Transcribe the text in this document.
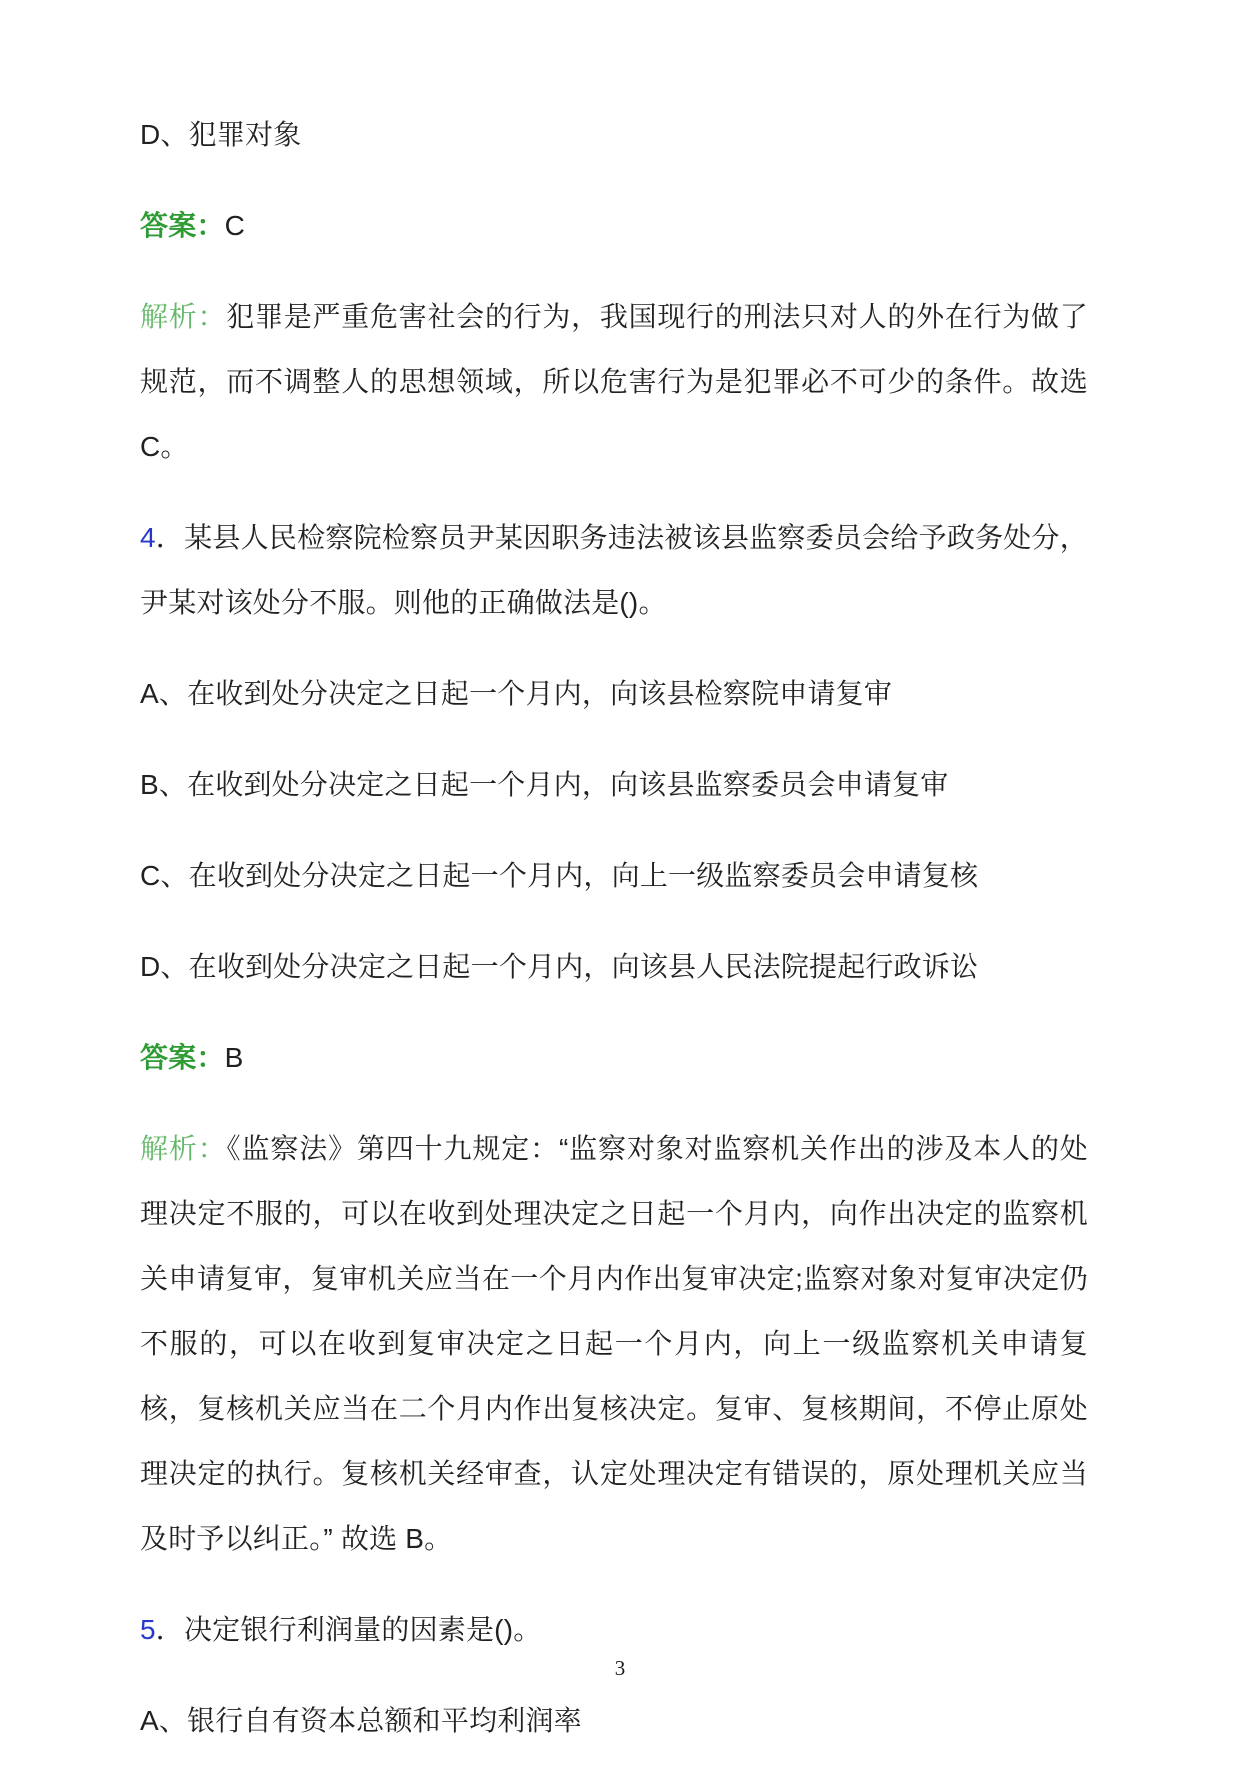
D、犯罪对象

答案：C

解析：犯罪是严重危害社会的行为，我国现行的刑法只对人的外在行为做了规范，而不调整人的思想领域，所以危害行为是犯罪必不可少的条件。故选 C。

4．某县人民检察院检察员尹某因职务违法被该县监察委员会给予政务处分，尹某对该处分不服。则他的正确做法是()。

A、在收到处分决定之日起一个月内，向该县检察院申请复审

B、在收到处分决定之日起一个月内，向该县监察委员会申请复审

C、在收到处分决定之日起一个月内，向上一级监察委员会申请复核

D、在收到处分决定之日起一个月内，向该县人民法院提起行政诉讼

答案：B

解析：《监察法》第四十九规定：“监察对象对监察机关作出的涉及本人的处理决定不服的，可以在收到处理决定之日起一个月内，向作出决定的监察机关申请复审，复审机关应当在一个月内作出复审决定;监察对象对复审决定仍不服的，可以在收到复审决定之日起一个月内，向上一级监察机关申请复核，复核机关应当在二个月内作出复核决定。复审、复核期间，不停止原处理决定的执行。复核机关经审查，认定处理决定有错误的，原处理机关应当及时予以纠正。” 故选 B。

5．决定银行利润量的因素是()。

A、银行自有资本总额和平均利润率

3
